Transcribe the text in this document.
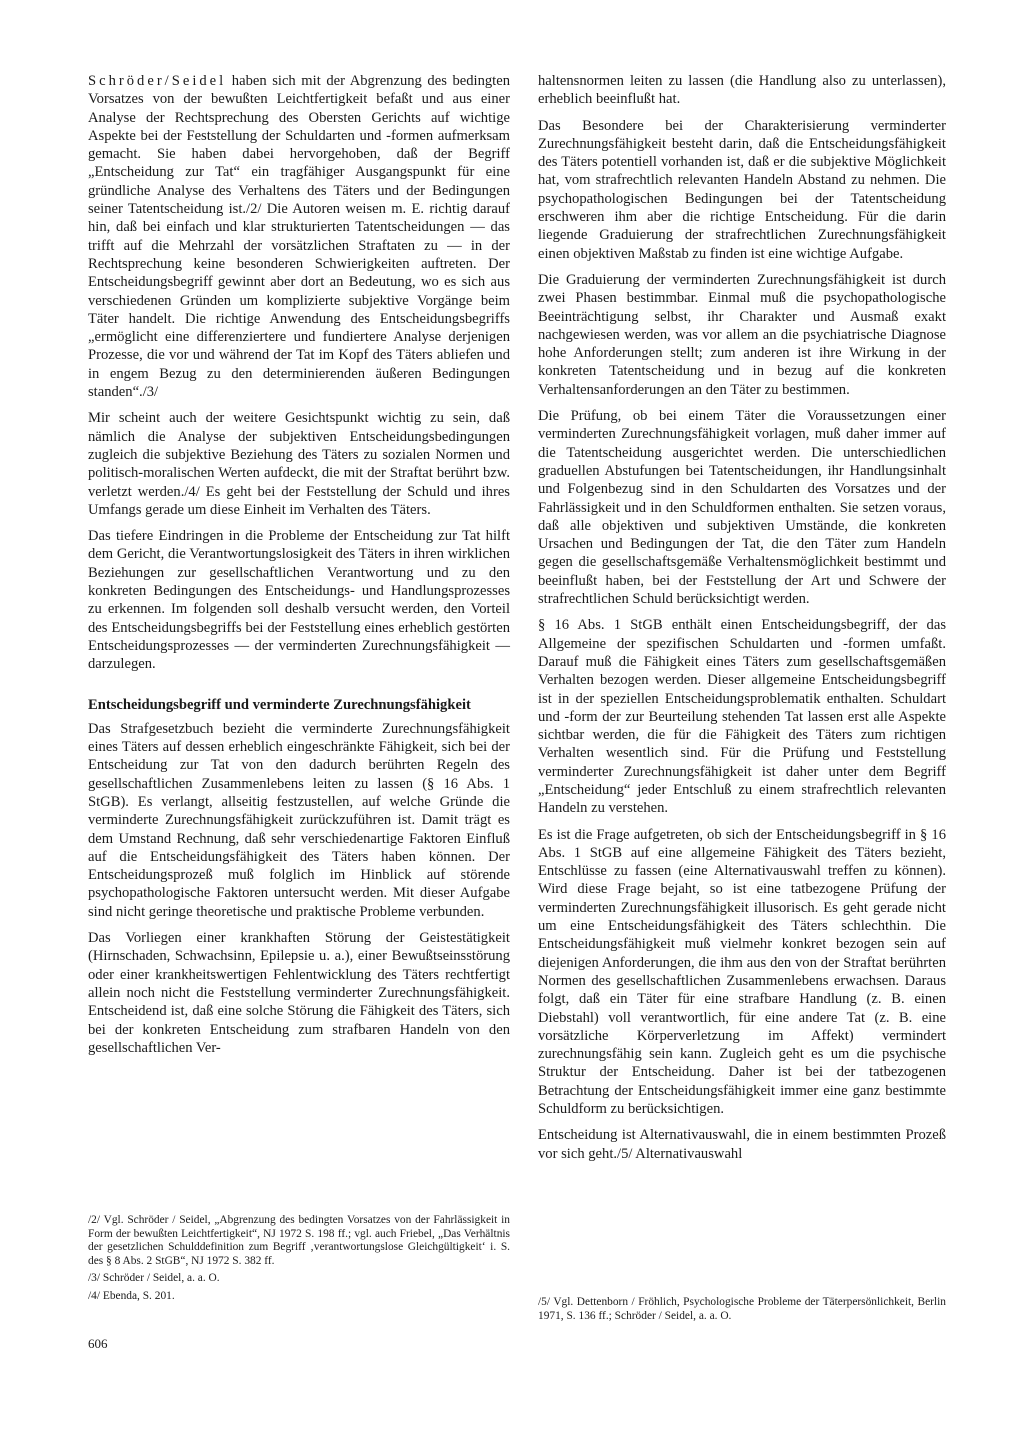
Schröder/Seidel haben sich mit der Abgrenzung des bedingten Vorsatzes von der bewußten Leichtfertigkeit befaßt und aus einer Analyse der Rechtsprechung des Obersten Gerichts auf wichtige Aspekte bei der Feststellung der Schuldarten und -formen aufmerksam gemacht. Sie haben dabei hervorgehoben, daß der Begriff „Entscheidung zur Tat“ ein tragfähiger Ausgangspunkt für eine gründliche Analyse des Verhaltens des Täters und der Bedingungen seiner Tatentscheidung ist./2/ Die Autoren weisen m. E. richtig darauf hin, daß bei einfach und klar strukturierten Tatentscheidungen — das trifft auf die Mehrzahl der vorsätzlichen Straftaten zu — in der Rechtsprechung keine besonderen Schwierigkeiten auftreten. Der Entscheidungsbegriff gewinnt aber dort an Bedeutung, wo es sich aus verschiedenen Gründen um komplizierte subjektive Vorgänge beim Täter handelt. Die richtige Anwendung des Entscheidungsbegriffs „ermöglicht eine differenziertere und fundiertere Analyse derjenigen Prozesse, die vor und während der Tat im Kopf des Täters abliefen und in engem Bezug zu den determinierenden äußeren Bedingungen standen“./3/

Mir scheint auch der weitere Gesichtspunkt wichtig zu sein, daß nämlich die Analyse der subjektiven Entscheidungsbedingungen zugleich die subjektive Beziehung des Täters zu sozialen Normen und politisch-moralischen Werten aufdeckt, die mit der Straftat berührt bzw. verletzt werden./4/ Es geht bei der Feststellung der Schuld und ihres Umfangs gerade um diese Einheit im Verhalten des Täters.

Das tiefere Eindringen in die Probleme der Entscheidung zur Tat hilft dem Gericht, die Verantwortungslosigkeit des Täters in ihren wirklichen Beziehungen zur gesellschaftlichen Verantwortung und zu den konkreten Bedingungen des Entscheidungs- und Handlungsprozesses zu erkennen. Im folgenden soll deshalb versucht werden, den Vorteil des Entscheidungsbegriffs bei der Feststellung eines erheblich gestörten Entscheidungsprozesses — der verminderten Zurechnungsfähigkeit — darzulegen.

Entscheidungsbegriff und verminderte Zurechnungsfähigkeit

Das Strafgesetzbuch bezieht die verminderte Zurechnungsfähigkeit eines Täters auf dessen erheblich eingeschränkte Fähigkeit, sich bei der Entscheidung zur Tat von den dadurch berührten Regeln des gesellschaftlichen Zusammenlebens leiten zu lassen (§ 16 Abs. 1 StGB). Es verlangt, allseitig festzustellen, auf welche Gründe die verminderte Zurechnungsfähigkeit zurückzuführen ist. Damit trägt es dem Umstand Rechnung, daß sehr verschiedenartige Faktoren Einfluß auf die Entscheidungsfähigkeit des Täters haben können. Der Entscheidungsprozeß muß folglich im Hinblick auf störende psychopathologische Faktoren untersucht werden. Mit dieser Aufgabe sind nicht geringe theoretische und praktische Probleme verbunden.

Das Vorliegen einer krankhaften Störung der Geistestätigkeit (Hirnschaden, Schwachsinn, Epilepsie u. a.), einer Bewußtseinsstörung oder einer krankheitswertigen Fehlentwicklung des Täters rechtfertigt allein noch nicht die Feststellung verminderter Zurechnungsfähigkeit. Entscheidend ist, daß eine solche Störung die Fähigkeit des Täters, sich bei der konkreten Entscheidung zum strafbaren Handeln von den gesellschaftlichen Ver-

haltensnormen leiten zu lassen (die Handlung also zu unterlassen), erheblich beeinflußt hat.

Das Besondere bei der Charakterisierung verminderter Zurechnungsfähigkeit besteht darin, daß die Entscheidungsfähigkeit des Täters potentiell vorhanden ist, daß er die subjektive Möglichkeit hat, vom strafrechtlich relevanten Handeln Abstand zu nehmen. Die psychopathologischen Bedingungen bei der Tatentscheidung erschweren ihm aber die richtige Entscheidung. Für die darin liegende Graduierung der strafrechtlichen Zurechnungsfähigkeit einen objektiven Maßstab zu finden ist eine wichtige Aufgabe.

Die Graduierung der verminderten Zurechnungsfähigkeit ist durch zwei Phasen bestimmbar. Einmal muß die psychopathologische Beeinträchtigung selbst, ihr Charakter und Ausmaß exakt nachgewiesen werden, was vor allem an die psychiatrische Diagnose hohe Anforderungen stellt; zum anderen ist ihre Wirkung in der konkreten Tatentscheidung und in bezug auf die konkreten Verhaltensanforderungen an den Täter zu bestimmen.

Die Prüfung, ob bei einem Täter die Voraussetzungen einer verminderten Zurechnungsfähigkeit vorlagen, muß daher immer auf die Tatentscheidung ausgerichtet werden. Die unterschiedlichen graduellen Abstufungen bei Tatentscheidungen, ihr Handlungsinhalt und Folgenbezug sind in den Schuldarten des Vorsatzes und der Fahrlässigkeit und in den Schuldformen enthalten. Sie setzen voraus, daß alle objektiven und subjektiven Umstände, die konkreten Ursachen und Bedingungen der Tat, die den Täter zum Handeln gegen die gesellschaftsgemäße Verhaltensmöglichkeit bestimmt und beeinflußt haben, bei der Feststellung der Art und Schwere der strafrechtlichen Schuld berücksichtigt werden.

§ 16 Abs. 1 StGB enthält einen Entscheidungsbegriff, der das Allgemeine der spezifischen Schuldarten und -formen umfaßt. Darauf muß die Fähigkeit eines Täters zum gesellschaftsgemäßen Verhalten bezogen werden. Dieser allgemeine Entscheidungsbegriff ist in der speziellen Entscheidungsproblematik enthalten. Schuldart und -form der zur Beurteilung stehenden Tat lassen erst alle Aspekte sichtbar werden, die für die Fähigkeit des Täters zum richtigen Verhalten wesentlich sind. Für die Prüfung und Feststellung verminderter Zurechnungsfähigkeit ist daher unter dem Begriff „Entscheidung“ jeder Entschluß zu einem strafrechtlich relevanten Handeln zu verstehen.

Es ist die Frage aufgetreten, ob sich der Entscheidungsbegriff in § 16 Abs. 1 StGB auf eine allgemeine Fähigkeit des Täters bezieht, Entschlüsse zu fassen (eine Alternativauswahl treffen zu können). Wird diese Frage bejaht, so ist eine tatbezogene Prüfung der verminderten Zurechnungsfähigkeit illusorisch. Es geht gerade nicht um eine Entscheidungsfähigkeit des Täters schlechthin. Die Entscheidungsfähigkeit muß vielmehr konkret bezogen sein auf diejenigen Anforderungen, die ihm aus den von der Straftat berührten Normen des gesellschaftlichen Zusammenlebens erwachsen. Daraus folgt, daß ein Täter für eine strafbare Handlung (z. B. einen Diebstahl) voll verantwortlich, für eine andere Tat (z. B. eine vorsätzliche Körperverletzung im Affekt) vermindert zurechnungsfähig sein kann. Zugleich geht es um die psychische Struktur der Entscheidung. Daher ist bei der tatbezogenen Betrachtung der Entscheidungsfähigkeit immer eine ganz bestimmte Schuldform zu berücksichtigen.

Entscheidung ist Alternativauswahl, die in einem bestimmten Prozeß vor sich geht./5/ Alternativauswahl

/2/ Vgl. Schröder / Seidel, „Abgrenzung des bedingten Vorsatzes von der Fahrlässigkeit in Form der bewußten Leichtfertigkeit“, NJ 1972 S. 198 ff.; vgl. auch Friebel, „Das Verhältnis der gesetzlichen Schulddefinition zum Begriff ‚verantwortungslose Gleichgültigkeit‘ i. S. des § 8 Abs. 2 StGB“, NJ 1972 S. 382 ff.

/3/ Schröder / Seidel, a. a. O.

/4/ Ebenda, S. 201.

/5/ Vgl. Dettenborn / Fröhlich, Psychologische Probleme der Täterpersönlichkeit, Berlin 1971, S. 136 ff.; Schröder / Seidel, a. a. O.

606
